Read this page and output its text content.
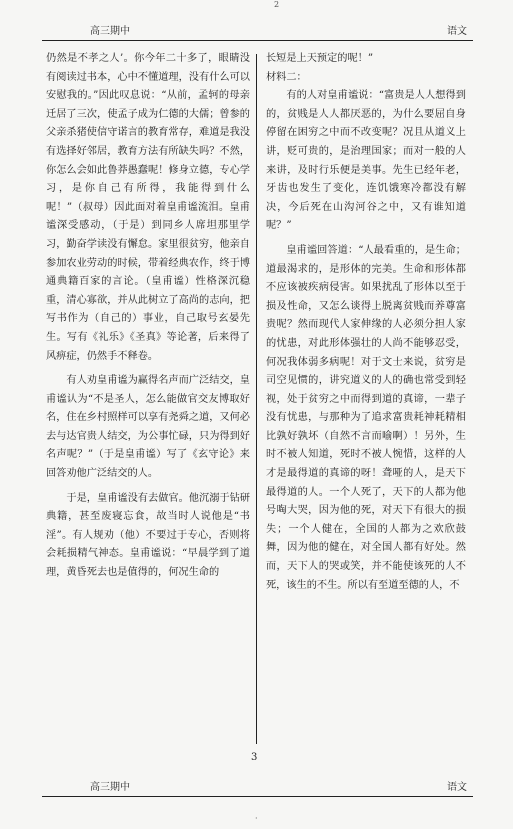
2
高三期中	语文

仍然是不孝之人’。你今年二十多了，眼睛没有阅读过书本，心中不懂道理，没有什么可以安慰我的。”因此叹息说：“从前，孟轲的母亲迁居了三次，使孟子成为仁德的大儒；曾参的父亲杀猪使信守诺言的教育常存，难道是我没有选择好邻居，教育方法有所缺失吗？不然，你怎么会如此鲁莽愚蠢呢！修身立德，专心学习，是你自己有所得，我能得到什么呢！”（叔母）因此面对着皇甫谧流泪。皇甫谧深受感动，（于是）到同乡人席坦那里学习，勤奋学读没有懈怠。家里很贫穷，他亲自参加农业劳动的时候，带着经典农作，终于博通典籍百家的言论。（皇甫谧）性格深沉稳重，清心寡欲，并从此树立了高尚的志向，把写书作为（自己的）事业，自己取号玄晏先生。写有《礼乐》《圣真》等论著，后来得了风痹症，仍然手不释卷。

有人劝皇甫谧为赢得名声而广泛结交，皇甫谧认为“不是圣人，怎么能做官交友博取好名，住在乡村照样可以享有尧舜之道，又何必去与达官贵人结交，为公事忙碌，只为得到好名声呢？”（于是皇甫谧）写了《玄守论》来回答劝他广泛结交的人。

于是，皇甫谧没有去做官。他沉溺于钻研典籍，甚至废寝忘食，故当时人说他是“书淫”。有人规劝（他）不要过于专心，否则将会耗损精气神态。皇甫谧说：“早晨学到了道理，黄昏死去也是值得的，何况生命的

长短是上天预定的呢！”

材料二：

有的人对皇甫谧说：“富贵是人人想得到的，贫贱是人人都厌恶的，为什么要屈自身停留在困穷之中而不改变呢？况且从道义上讲，贬可贵的，是治理国家；而对一般的人来讲，及时行乐便是美事。先生已经年老，牙齿也发生了变化，连饥饿寒冷都没有解决，今后死在山沟河谷之中，又有谁知道呢？”

皇甫谧回答道：“人最看重的，是生命；道最渴求的，是形体的完美。生命和形体都不应该被疾病侵害。如果扰乱了形体以至于损及性命，又怎么谈得上脱离贫贱而养尊富贵呢？然而现代人家伸缘的人必须分担人家的忧患，对此形体强壮的人尚不能够忍受，何况我体弱多病呢！对于文士来说，贫穷是司空见惯的，讲究道义的人的确也常受到轻视，处于贫穷之中而得到道的真谛，一辈子没有忧患，与那种为了追求富贵耗神耗精相比孰好孰坏（自然不言而喻啊）！另外，生时不被人知道，死时不被人惋惜，这样的人才是最得道的真谛的呀！聋哑的人，是天下最得道的人。一个人死了，天下的人都为他号啕大哭，因为他的死，对天下有很大的损失；一个人健在，全国的人都为之欢欣鼓舞，因为他的健在，对全国人都有好处。然而，天下人的哭或笑，并不能使该死的人不死，该生的不生。所以有至道至德的人，不

3
高三期中	语文
·
